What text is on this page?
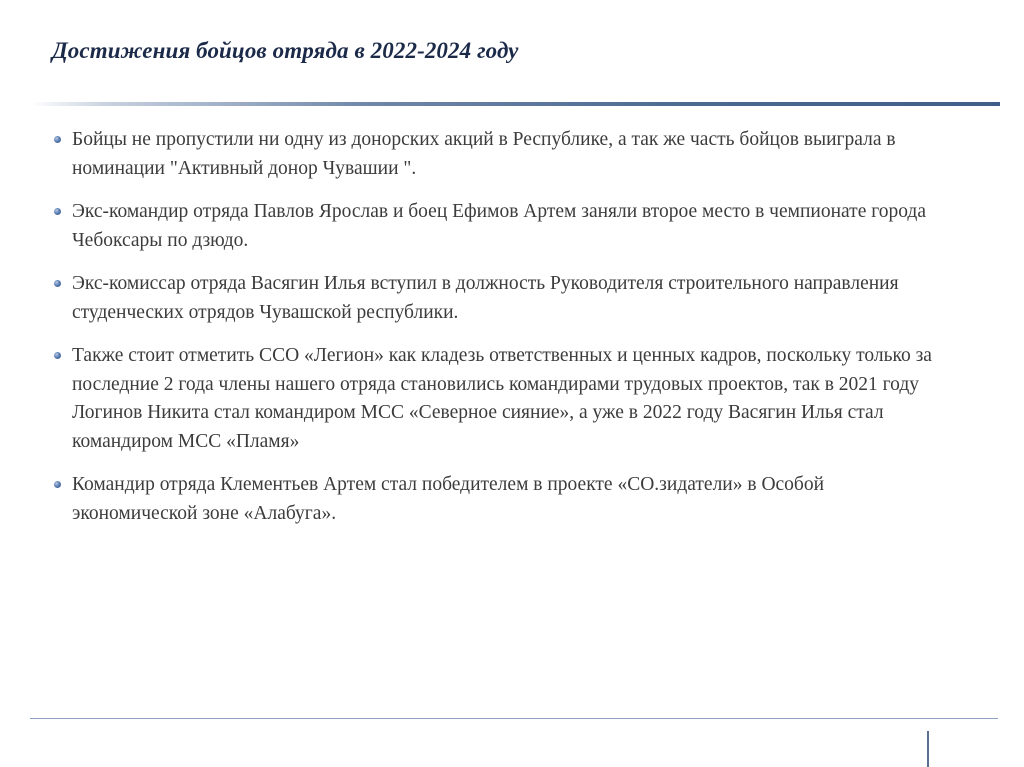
Достижения бойцов отряда в 2022-2024 году
Бойцы не пропустили ни одну из донорских акций в Республике, а так же часть бойцов выиграла в номинации "Активный донор Чувашии ".
Экс-командир отряда Павлов Ярослав и боец Ефимов Артем заняли второе место в чемпионате города Чебоксары по дзюдо.
Экс-комиссар отряда Васягин Илья вступил в должность Руководителя строительного направления студенческих отрядов Чувашской республики.
Также стоит отметить ССО «Легион» как кладезь ответственных и ценных кадров, поскольку только за последние 2 года члены нашего отряда становились командирами трудовых проектов, так в 2021 году Логинов Никита стал командиром МСС «Северное сияние», а уже в 2022 году Васягин Илья стал командиром МСС «Пламя»
Командир отряда Клементьев Артем стал победителем в проекте «СО.зидатели» в Особой экономической зоне «Алабуга».
